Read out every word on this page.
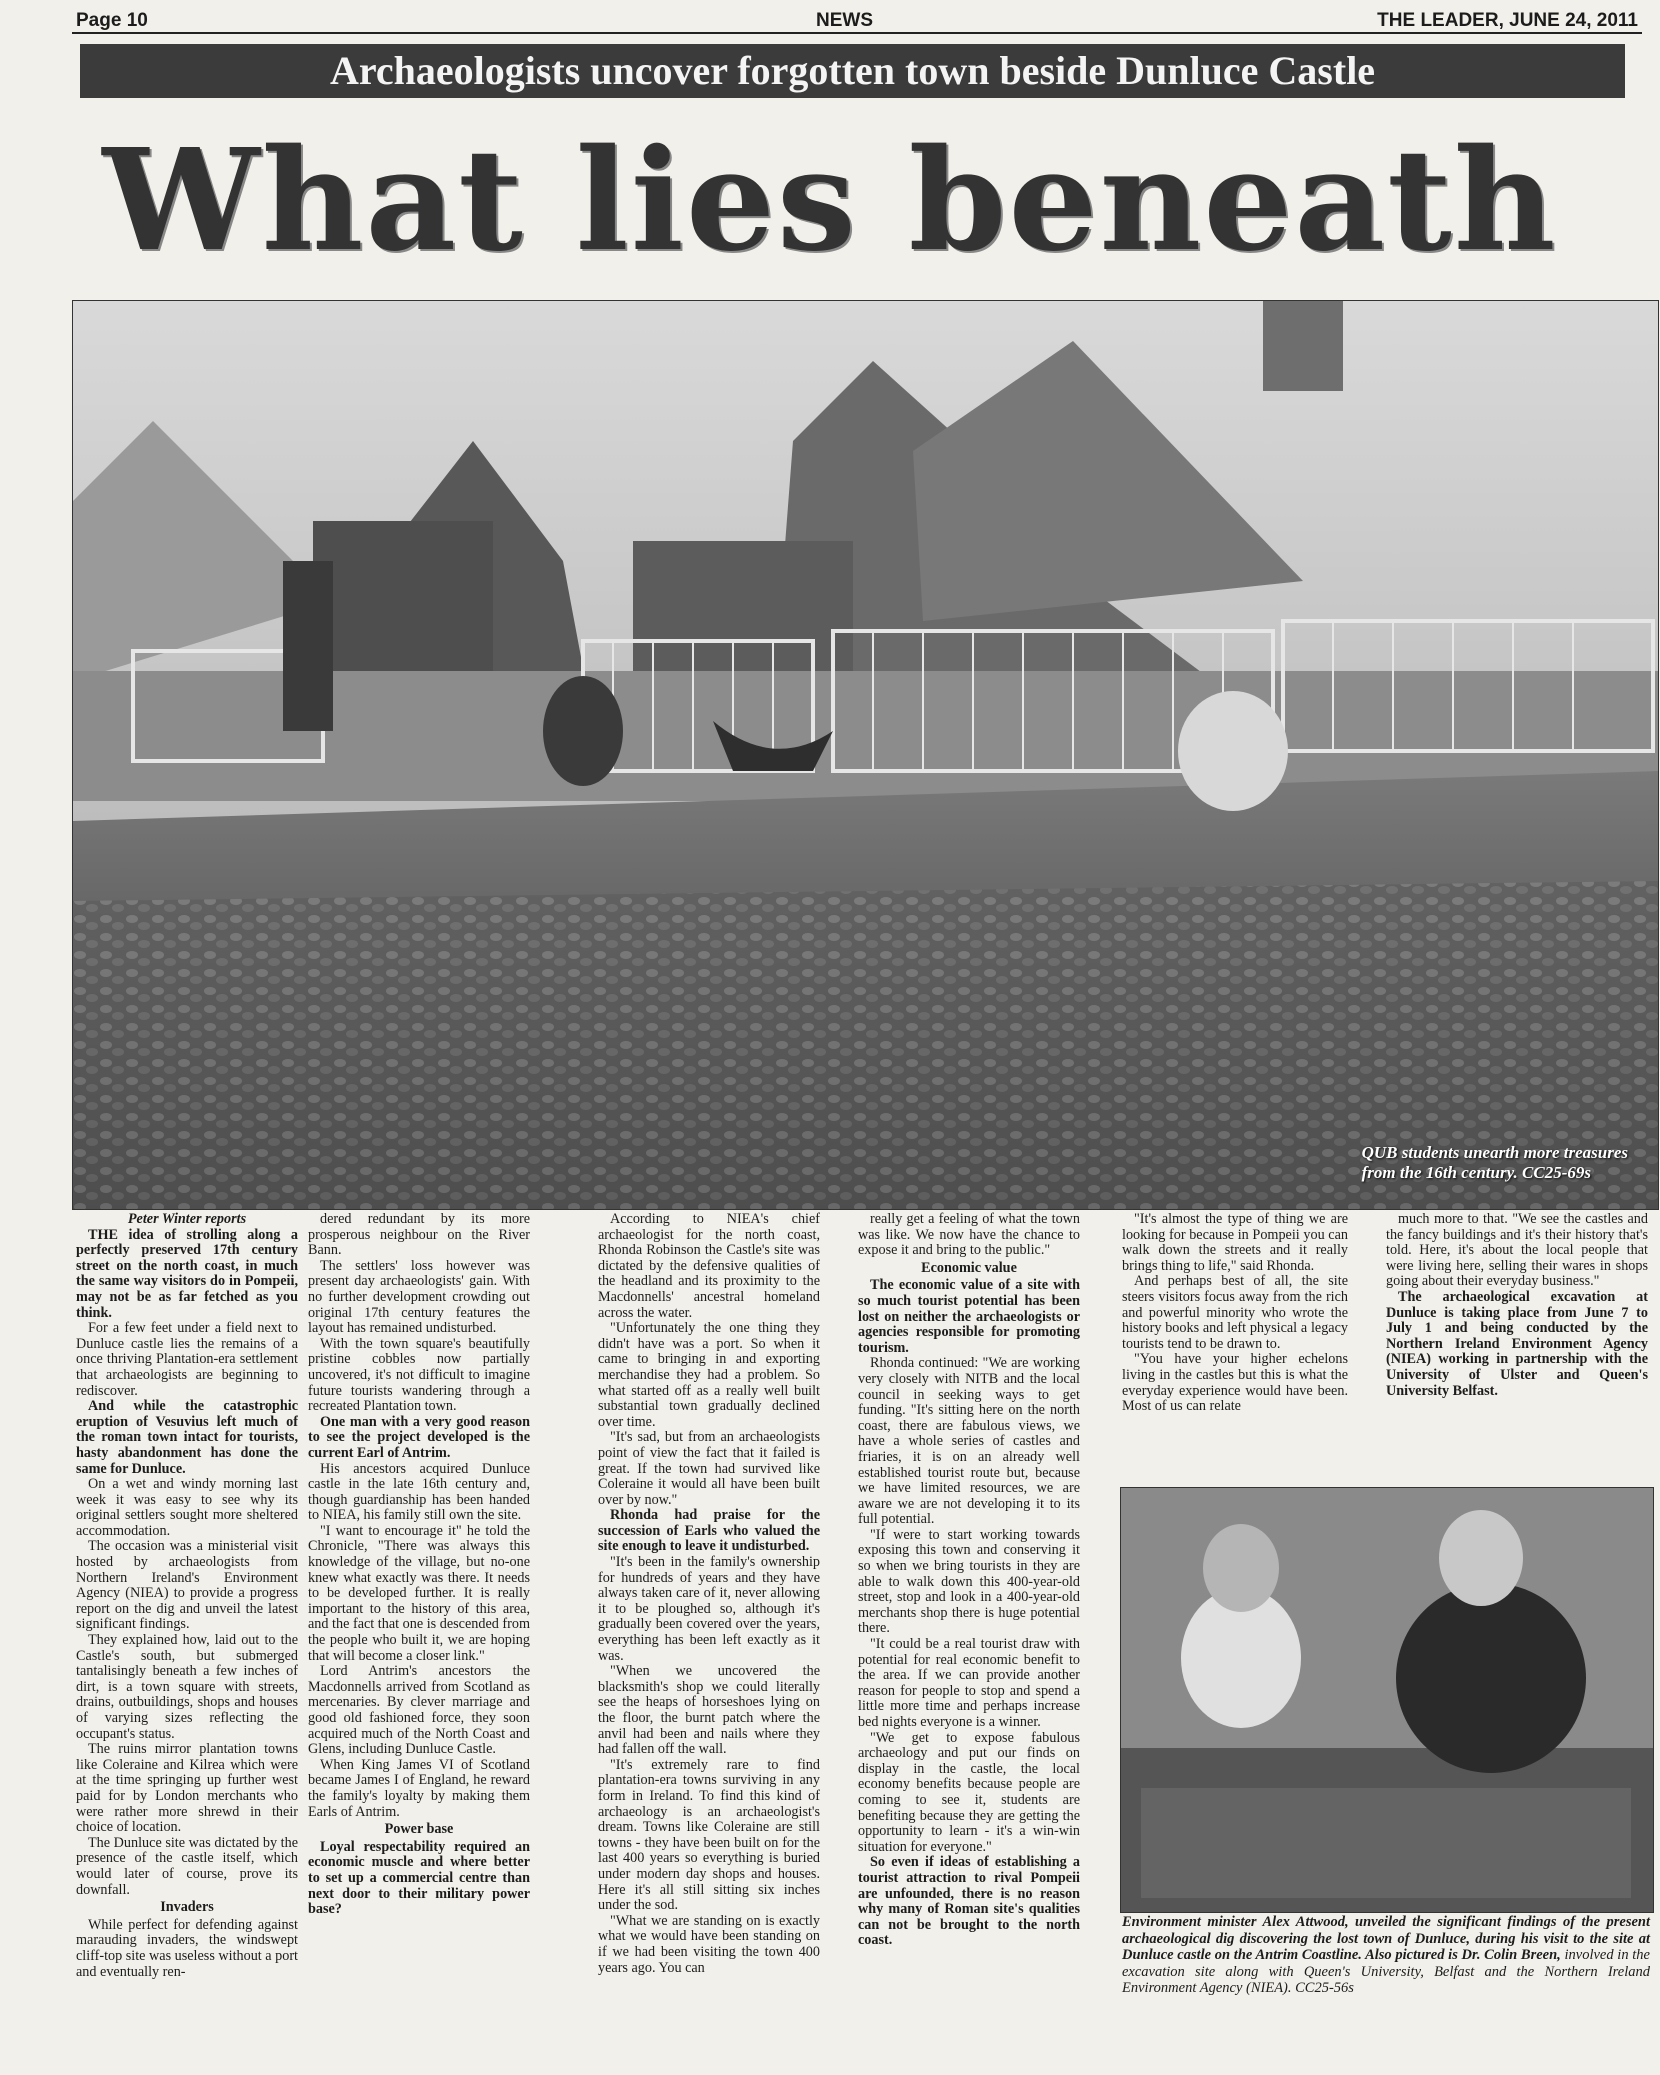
Page 10	NEWS	THE LEADER, JUNE 24, 2011
Archaeologists uncover forgotten town beside Dunluce Castle
What lies beneath
QUB students unearth more treasures
from the 16th century. CC25-69s

Peter Winter reports

THE idea of strolling along a perfectly preserved 17th century street on the north coast, in much the same way visitors do in Pompeii, may not be as far fetched as you think.

For a few feet under a field next to Dunluce castle lies the remains of a once thriving Plantation-era settlement that archaeologists are beginning to rediscover.

And while the catastrophic eruption of Vesuvius left much of the roman town intact for tourists, hasty abandonment has done the same for Dunluce.

On a wet and windy morning last week it was easy to see why its original settlers sought more sheltered accommodation.

The occasion was a ministerial visit hosted by archaeologists from Northern Ireland's Environment Agency (NIEA) to provide a progress report on the dig and unveil the latest significant findings.

They explained how, laid out to the Castle's south, but submerged tantalisingly beneath a few inches of dirt, is a town square with streets, drains, outbuildings, shops and houses of varying sizes reflecting the occupant's status.

The ruins mirror plantation towns like Coleraine and Kilrea which were at the time springing up further west paid for by London merchants who were rather more shrewd in their choice of location.

The Dunluce site was dictated by the presence of the castle itself, which would later of course, prove its downfall.

Invaders

While perfect for defending against marauding invaders, the windswept cliff-top site was useless without a port and eventually ren-

dered redundant by its more prosperous neighbour on the River Bann.

The settlers' loss however was present day archaeologists' gain. With no further development crowding out original 17th century features the layout has remained undisturbed.

With the town square's beautifully pristine cobbles now partially uncovered, it's not difficult to imagine future tourists wandering through a recreated Plantation town.

One man with a very good reason to see the project developed is the current Earl of Antrim.

His ancestors acquired Dunluce castle in the late 16th century and, though guardianship has been handed to NIEA, his family still own the site.

"I want to encourage it" he told the Chronicle, "There was always this knowledge of the village, but no-one knew what exactly was there. It needs to be developed further. It is really important to the history of this area, and the fact that one is descended from the people who built it, we are hoping that will become a closer link."

Lord Antrim's ancestors the Macdonnells arrived from Scotland as mercenaries. By clever marriage and good old fashioned force, they soon acquired much of the North Coast and Glens, including Dunluce Castle.

When King James VI of Scotland became James I of England, he reward the family's loyalty by making them Earls of Antrim.

Power base

Loyal respectability required an economic muscle and where better to set up a commercial centre than next door to their military power base?

According to NIEA's chief archaeologist for the north coast, Rhonda Robinson the Castle's site was dictated by the defensive qualities of the headland and its proximity to the Macdonnells' ancestral homeland across the water.

"Unfortunately the one thing they didn't have was a port. So when it came to bringing in and exporting merchandise they had a problem. So what started off as a really well built substantial town gradually declined over time.

"It's sad, but from an archaeologists point of view the fact that it failed is great. If the town had survived like Coleraine it would all have been built over by now."

Rhonda had praise for the succession of Earls who valued the site enough to leave it undisturbed.

"It's been in the family's ownership for hundreds of years and they have always taken care of it, never allowing it to be ploughed so, although it's gradually been covered over the years, everything has been left exactly as it was.

"When we uncovered the blacksmith's shop we could literally see the heaps of horseshoes lying on the floor, the burnt patch where the anvil had been and nails where they had fallen off the wall.

"It's extremely rare to find plantation-era towns surviving in any form in Ireland. To find this kind of archaeology is an archaeologist's dream. Towns like Coleraine are still towns - they have been built on for the last 400 years so everything is buried under modern day shops and houses. Here it's all still sitting six inches under the sod.

"What we are standing on is exactly what we would have been standing on if we had been visiting the town 400 years ago. You can

really get a feeling of what the town was like. We now have the chance to expose it and bring to the public."

Economic value

The economic value of a site with so much tourist potential has been lost on neither the archaeologists or agencies responsible for promoting tourism.

Rhonda continued: "We are working very closely with NITB and the local council in seeking ways to get funding. "It's sitting here on the north coast, there are fabulous views, we have a whole series of castles and friaries, it is on an already well established tourist route but, because we have limited resources, we are aware we are not developing it to its full potential.

"If were to start working towards exposing this town and conserving it so when we bring tourists in they are able to walk down this 400-year-old street, stop and look in a 400-year-old merchants shop there is huge potential there.

"It could be a real tourist draw with potential for real economic benefit to the area. If we can provide another reason for people to stop and spend a little more time and perhaps increase bed nights everyone is a winner.

"We get to expose fabulous archaeology and put our finds on display in the castle, the local economy benefits because people are coming to see it, students are benefiting because they are getting the opportunity to learn - it's a win-win situation for everyone."

So even if ideas of establishing a tourist attraction to rival Pompeii are unfounded, there is no reason why many of Roman site's qualities can not be brought to the north coast.

"It's almost the type of thing we are looking for because in Pompeii you can walk down the streets and it really brings thing to life," said Rhonda.

And perhaps best of all, the site steers visitors focus away from the rich and powerful minority who wrote the history books and left physical a legacy tourists tend to be drawn to.

"You have your higher echelons living in the castles but this is what the everyday experience would have been. Most of us can relate

much more to that. "We see the castles and the fancy buildings and it's their history that's told. Here, it's about the local people that were living here, selling their wares in shops going about their everyday business."

The archaeological excavation at Dunluce is taking place from June 7 to July 1 and being conducted by the Northern Ireland Environment Agency (NIEA) working in partnership with the University of Ulster and Queen's University Belfast.

Environment minister Alex Attwood, unveiled the significant findings of the present archaeological dig discovering the lost town of Dunluce, during his visit to the site at Dunluce castle on the Antrim Coastline. Also pictured is Dr. Colin Breen, involved in the excavation site along with Queen's University, Belfast and the Northern Ireland Environment Agency (NIEA). CC25-56s
